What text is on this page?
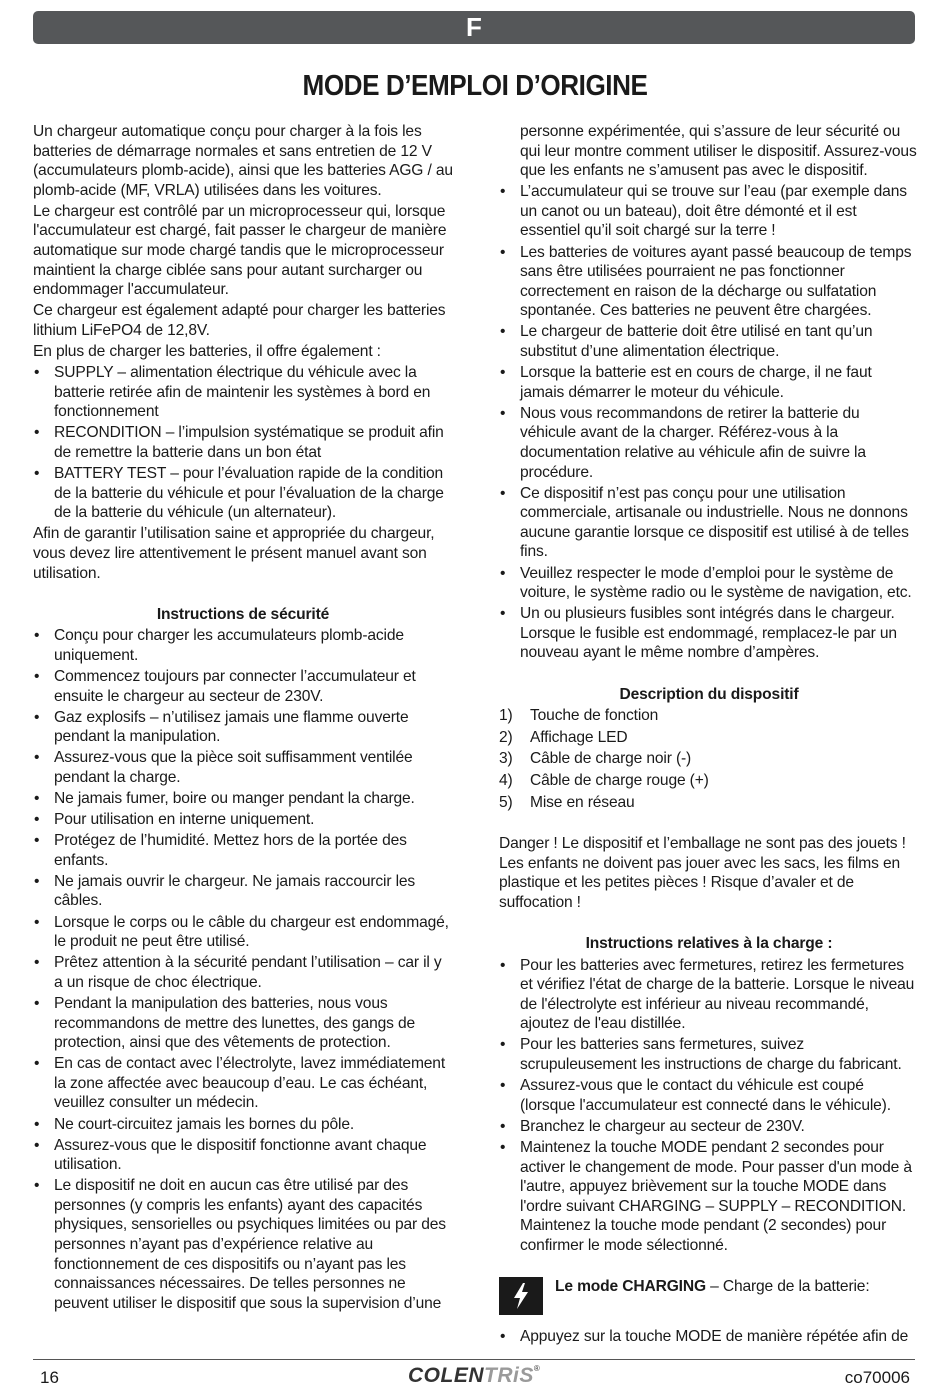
F
MODE D’EMPLOI D’ORIGINE

Un chargeur automatique conçu pour charger à la fois les batteries de démarrage normales et sans entretien de 12 V (accumulateurs plomb-acide), ainsi que les batteries AGG / au plomb-acide (MF, VRLA) utilisées dans les voitures.

Le chargeur est contrôlé par un microprocesseur qui, lorsque l'accumulateur est chargé, fait passer le chargeur de manière automatique sur mode chargé tandis que le microprocesseur maintient la charge ciblée sans pour autant surcharger ou endommager l'accumulateur.

Ce chargeur est également adapté pour charger les batteries lithium LiFePO4 de 12,8V.

En plus de charger les batteries, il offre également :

• SUPPLY – alimentation électrique du véhicule avec la batterie retirée afin de maintenir les systèmes à bord en fonctionnement
• RECONDITION – l’impulsion systématique se produit afin de remettre la batterie dans un bon état
• BATTERY TEST – pour l’évaluation rapide de la condition de la batterie du véhicule et pour l’évaluation de la charge de la batterie du véhicule (un alternateur).

Afin de garantir l’utilisation saine et appropriée du chargeur, vous devez lire attentivement le présent manuel avant son utilisation.

Instructions de sécurité
• Conçu pour charger les accumulateurs plomb-acide uniquement.
• Commencez toujours par connecter l’accumulateur et ensuite le chargeur au secteur de 230V.
• Gaz explosifs – n’utilisez jamais une flamme ouverte pendant la manipulation.
• Assurez-vous que la pièce soit suffisamment ventilée pendant la charge.
• Ne jamais fumer, boire ou manger pendant la charge.
• Pour utilisation en interne uniquement.
• Protégez de l’humidité. Mettez hors de la portée des enfants.
• Ne jamais ouvrir le chargeur. Ne jamais raccourcir les câbles.
• Lorsque le corps ou le câble du chargeur est endommagé, le produit ne peut être utilisé.
• Prêtez attention à la sécurité pendant l’utilisation – car il y a un risque de choc électrique.
• Pendant la manipulation des batteries, nous vous recommandons de mettre des lunettes, des gangs de protection, ainsi que des vêtements de protection.
• En cas de contact avec l’électrolyte, lavez immédiatement la zone affectée avec beaucoup d’eau. Le cas échéant, veuillez consulter un médecin.
• Ne court-circuitez jamais les bornes du pôle.
• Assurez-vous que le dispositif fonctionne avant chaque utilisation.
• Le dispositif ne doit en aucun cas être utilisé par des personnes (y compris les enfants) ayant des capacités physiques, sensorielles ou psychiques limitées ou par des personnes n’ayant pas d’expérience relative au fonctionnement de ces dispositifs ou n’ayant pas les connaissances nécessaires. De telles personnes ne peuvent utiliser le dispositif que sous la supervision d’une

personne expérimentée, qui s’assure de leur sécurité ou qui leur montre comment utiliser le dispositif. Assurez-vous que les enfants ne s’amusent pas avec le dispositif.

• L’accumulateur qui se trouve sur l’eau (par exemple dans un canot ou un bateau), doit être démonté et il est essentiel qu’il soit chargé sur la terre !
• Les batteries de voitures ayant passé beaucoup de temps sans être utilisées pourraient ne pas fonctionner correctement en raison de la décharge ou sulfatation spontanée. Ces batteries ne peuvent être chargées.
• Le chargeur de batterie doit être utilisé en tant qu’un substitut d’une alimentation électrique.
• Lorsque la batterie est en cours de charge, il ne faut jamais démarrer le moteur du véhicule.
• Nous vous recommandons de retirer la batterie du véhicule avant de la charger. Référez-vous à la documentation relative au véhicule afin de suivre la procédure.
• Ce dispositif n’est pas conçu pour une utilisation commerciale, artisanale ou industrielle. Nous ne donnons aucune garantie lorsque ce dispositif est utilisé à de telles fins.
• Veuillez respecter le mode d’emploi pour le système de voiture, le système radio ou le système de navigation, etc.
• Un ou plusieurs fusibles sont intégrés dans le chargeur. Lorsque le fusible est endommagé, remplacez-le par un nouveau ayant le même nombre d’ampères.
Description du dispositif
1)	Touche de fonction
2)	Affichage LED
3)	Câble de charge noir (-)
4)	Câble de charge rouge (+)
5)	Mise en réseau

Danger ! Le dispositif et l’emballage ne sont pas des jouets ! Les enfants ne doivent pas jouer avec les sacs, les films en plastique et les petites pièces ! Risque d’avaler et de suffocation !

Instructions relatives à la charge :
• Pour les batteries avec fermetures, retirez les fermetures et vérifiez l'état de charge de la batterie. Lorsque le niveau de l'électrolyte est inférieur au niveau recommandé, ajoutez de l'eau distillée.
• Pour les batteries sans fermetures, suivez scrupuleusement les instructions de charge du fabricant.
• Assurez-vous que le contact du véhicule est coupé (lorsque l'accumulateur est connecté dans le véhicule).
• Branchez le chargeur au secteur de 230V.
• Maintenez la touche MODE pendant 2 secondes pour activer le changement de mode. Pour passer d'un mode à l'autre, appuyez brièvement sur la touche MODE dans l'ordre suivant CHARGING – SUPPLY – RECONDITION. Maintenez la touche mode pendant (2 secondes) pour confirmer le mode sélectionné.
Le mode CHARGING – Charge de la batterie:
• Appuyez sur la touche MODE de manière répétée afin de
16	COLENTRiS®	co70006
